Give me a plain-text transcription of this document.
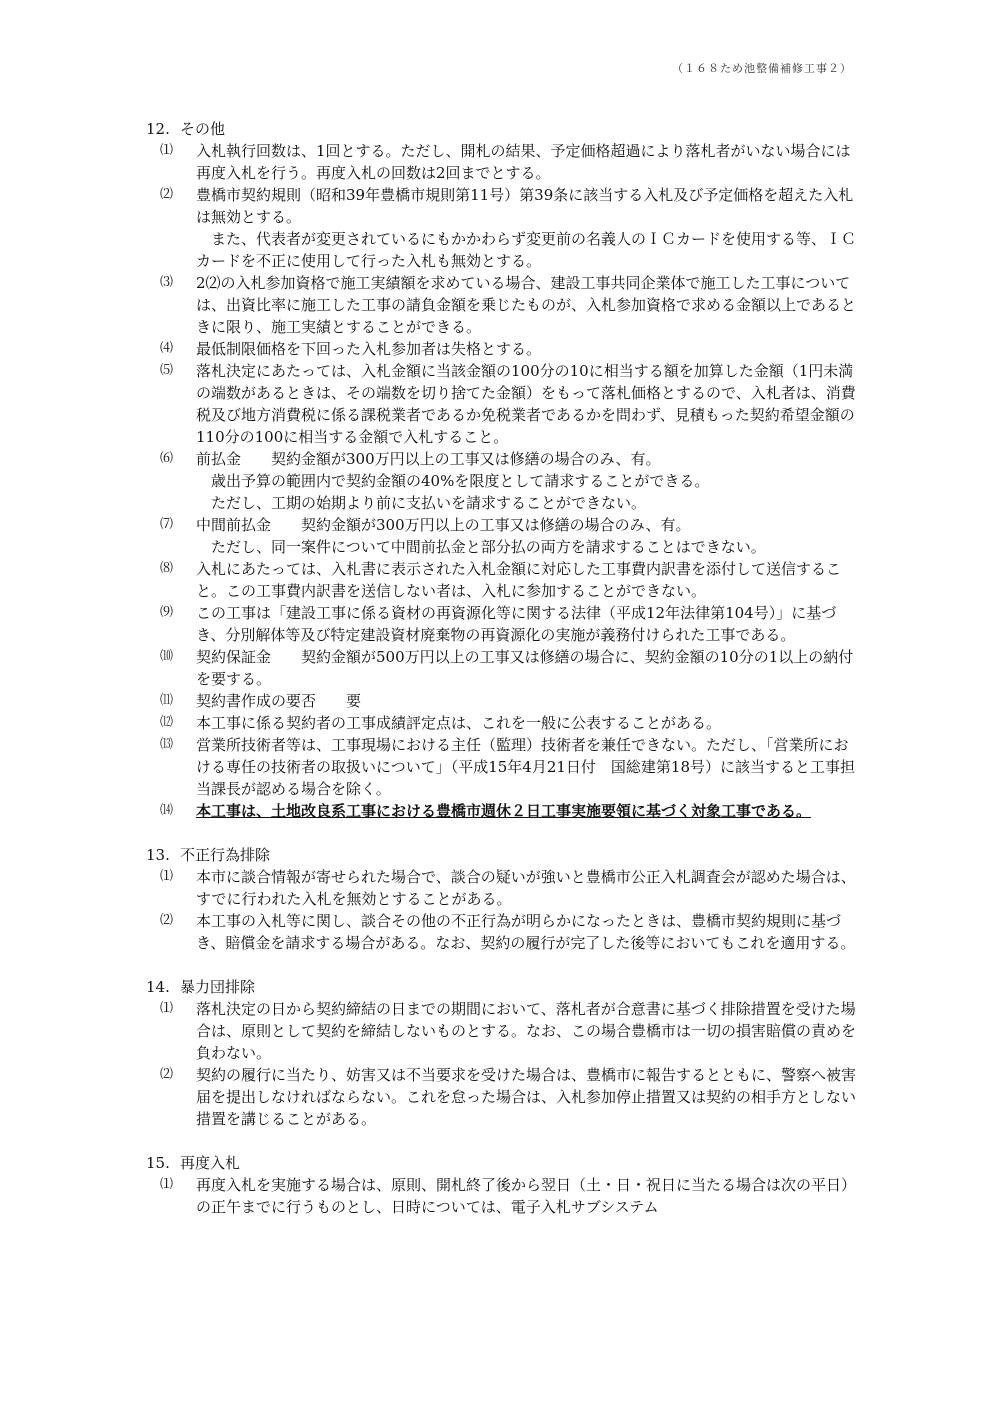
（１６８ため池整備補修工事２）
12. その他
⑴	入札執行回数は、1回とする。ただし、開札の結果、予定価格超過により落札者がいない場合には再度入札を行う。再度入札の回数は2回までとする。
⑵	豊橋市契約規則（昭和39年豊橋市規則第11号）第39条に該当する入札及び予定価格を超えた入札は無効とする。
また、代表者が変更されているにもかかわらず変更前の名義人のＩＣカードを使用する等、ＩＣカードを不正に使用して行った入札も無効とする。
⑶	2⑵の入札参加資格で施工実績額を求めている場合、建設工事共同企業体で施工した工事については、出資比率に施工した工事の請負金額を乗じたものが、入札参加資格で求める金額以上であるときに限り、施工実績とすることができる。
⑷	最低制限価格を下回った入札参加者は失格とする。
⑸	落札決定にあたっては、入札金額に当該金額の100分の10に相当する額を加算した金額（1円未満の端数があるときは、その端数を切り捨てた金額）をもって落札価格とするので、入札者は、消費税及び地方消費税に係る課税業者であるか免税業者であるかを問わず、見積もった契約希望金額の110分の100に相当する金額で入札すること。
⑹	前払金　　契約金額が300万円以上の工事又は修繕の場合のみ、有。
歳出予算の範囲内で契約金額の40%を限度として請求することができる。
ただし、工期の始期より前に支払いを請求することができない。
⑺	中間前払金　　契約金額が300万円以上の工事又は修繕の場合のみ、有。
ただし、同一案件について中間前払金と部分払の両方を請求することはできない。
⑻	入札にあたっては、入札書に表示された入札金額に対応した工事費内訳書を添付して送信すること。この工事費内訳書を送信しない者は、入札に参加することができない。
⑼	この工事は「建設工事に係る資材の再資源化等に関する法律（平成12年法律第104号）」に基づき、分別解体等及び特定建設資材廃棄物の再資源化の実施が義務付けられた工事である。
⑽	契約保証金　　契約金額が500万円以上の工事又は修繕の場合に、契約金額の10分の1以上の納付を要する。
⑾	契約書作成の要否　　要
⑿	本工事に係る契約者の工事成績評定点は、これを一般に公表することがある。
⒀	営業所技術者等は、工事現場における主任（監理）技術者を兼任できない。ただし、「営業所における専任の技術者の取扱いについて」（平成15年4月21日付　国総建第18号）に該当すると工事担当課長が認める場合を除く。
⒁	本工事は、土地改良系工事における豊橋市週休２日工事実施要領に基づく対象工事である。
13. 不正行為排除
⑴	本市に談合情報が寄せられた場合で、談合の疑いが強いと豊橋市公正入札調査会が認めた場合は、すでに行われた入札を無効とすることがある。
⑵	本工事の入札等に関し、談合その他の不正行為が明らかになったときは、豊橋市契約規則に基づき、賠償金を請求する場合がある。なお、契約の履行が完了した後等においてもこれを適用する。
14. 暴力団排除
⑴	落札決定の日から契約締結の日までの期間において、落札者が合意書に基づく排除措置を受けた場合は、原則として契約を締結しないものとする。なお、この場合豊橋市は一切の損害賠償の責めを負わない。
⑵	契約の履行に当たり、妨害又は不当要求を受けた場合は、豊橋市に報告するとともに、警察へ被害届を提出しなければならない。これを怠った場合は、入札参加停止措置又は契約の相手方としない措置を講じることがある。
15. 再度入札
⑴	再度入札を実施する場合は、原則、開札終了後から翌日（土・日・祝日に当たる場合は次の平日）の正午までに行うものとし、日時については、電子入札サブシステム
